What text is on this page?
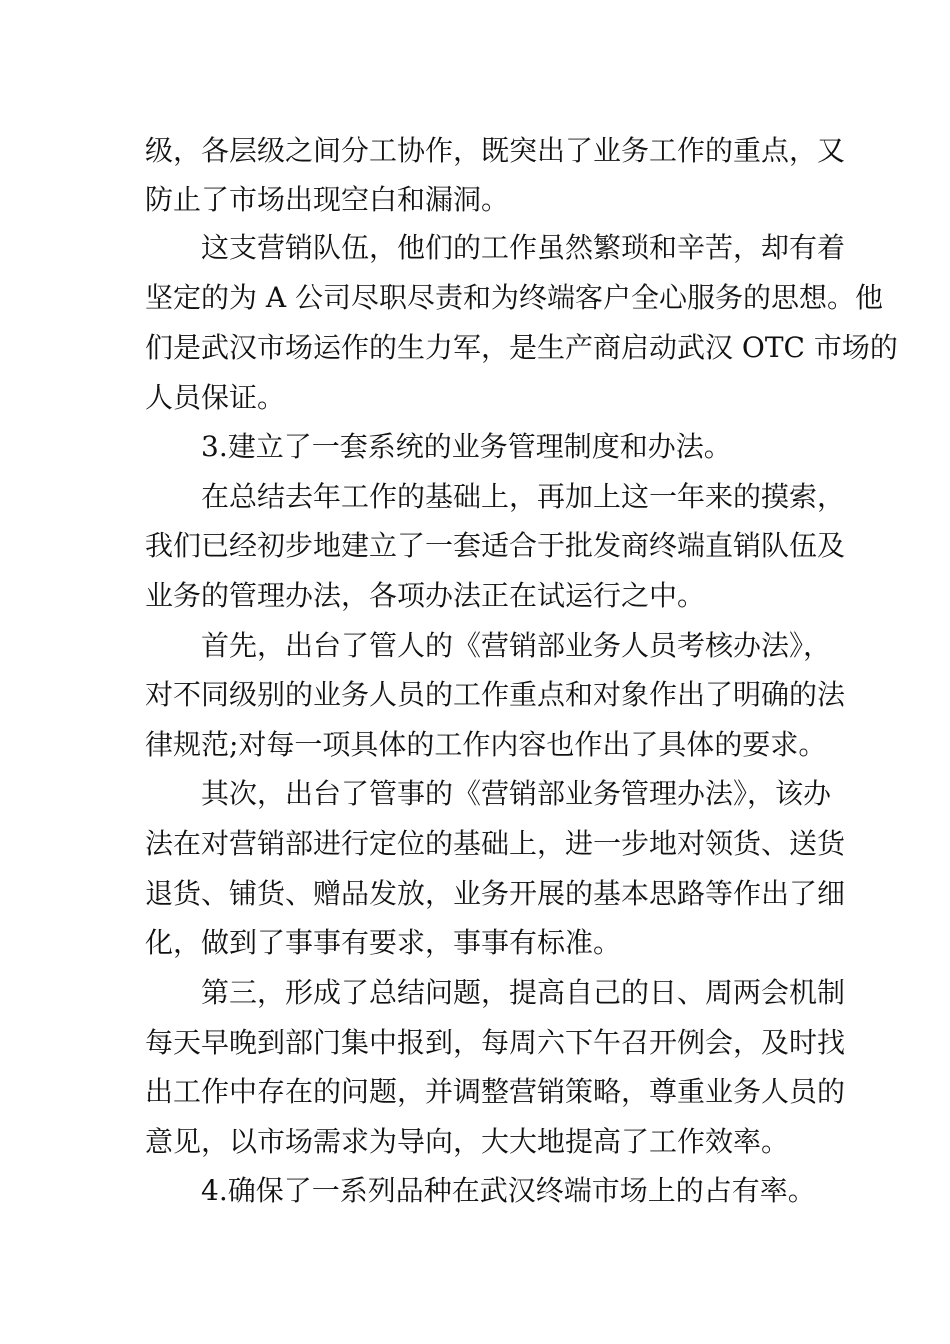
级，各层级之间分工协作，既突出了业务工作的重点，又

防止了市场出现空白和漏洞。

这支营销队伍，他们的工作虽然繁琐和辛苦，却有着

坚定的为 A 公司尽职尽责和为终端客户全心服务的思想。他

们是武汉市场运作的生力军，是生产商启动武汉 OTC 市场的

人员保证。

3.建立了一套系统的业务管理制度和办法。

在总结去年工作的基础上，再加上这一年来的摸索，

我们已经初步地建立了一套适合于批发商终端直销队伍及

业务的管理办法，各项办法正在试运行之中。

首先，出台了管人的《营销部业务人员考核办法》，

对不同级别的业务人员的工作重点和对象作出了明确的法

律规范;对每一项具体的工作内容也作出了具体的要求。

其次，出台了管事的《营销部业务管理办法》，该办

法在对营销部进行定位的基础上，进一步地对领货、送货

退货、铺货、赠品发放，业务开展的基本思路等作出了细

化，做到了事事有要求，事事有标准。

第三，形成了总结问题，提高自己的日、周两会机制

每天早晚到部门集中报到，每周六下午召开例会，及时找

出工作中存在的问题，并调整营销策略，尊重业务人员的

意见，以市场需求为导向，大大地提高了工作效率。

4.确保了一系列品种在武汉终端市场上的占有率。
